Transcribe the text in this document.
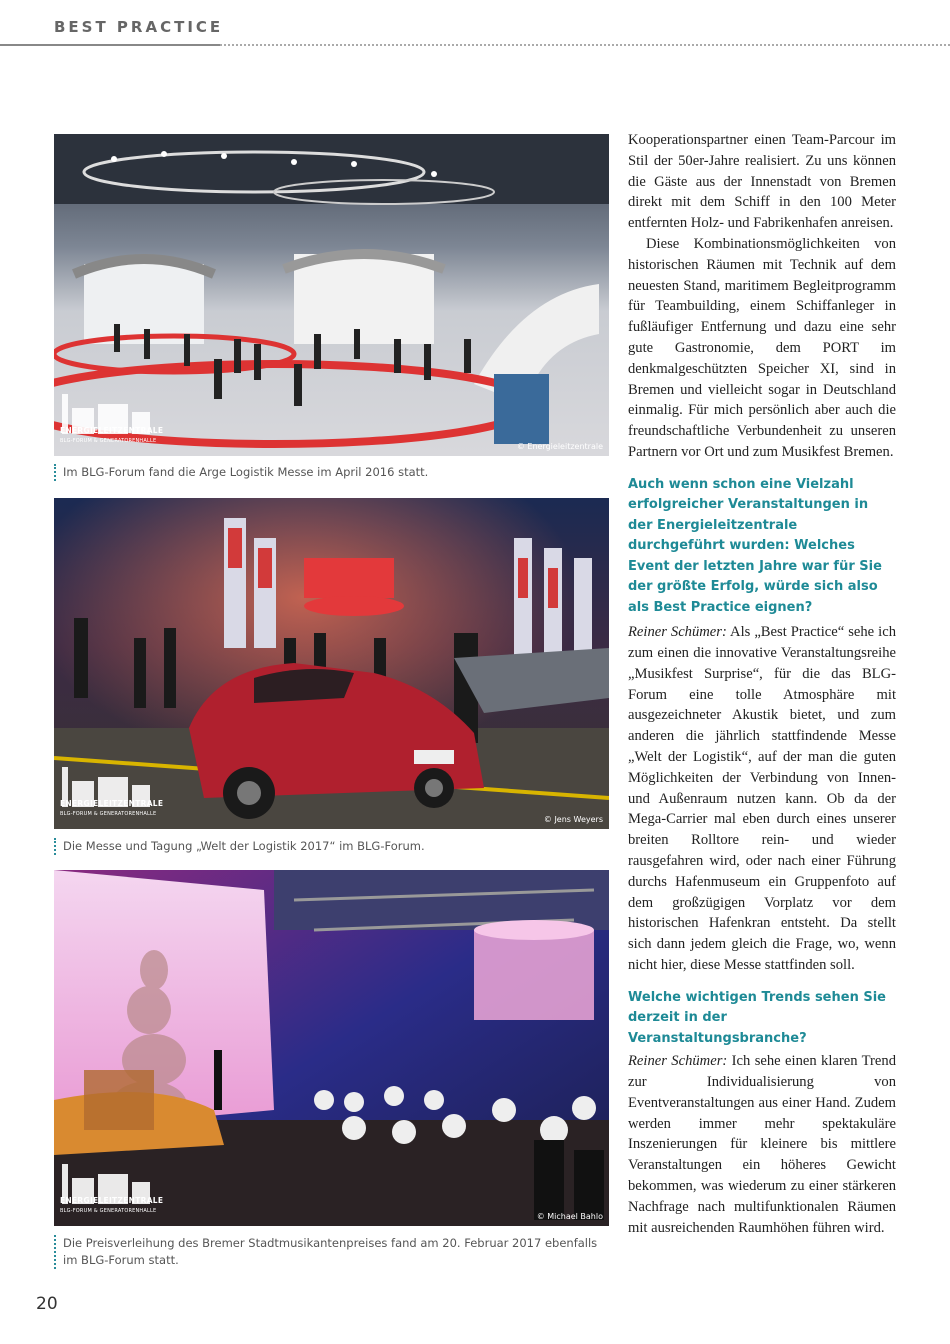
BEST PRACTICE
ENERGIELEITZENTRALE
BLG-FORUM & GENERATORENHALLE
© Energieleitzentrale
Im BLG-Forum fand die Arge Logistik Messe im April 2016 statt.
ENERGIELEITZENTRALE
BLG-FORUM & GENERATORENHALLE
© Jens Weyers
Die Messe und Tagung „Welt der Logistik 2017“ im BLG-Forum.
ENERGIELEITZENTRALE
BLG-FORUM & GENERATORENHALLE
© Michael Bahlo
Die Preisverleihung des Bremer Stadtmusikantenpreises fand am 20. Februar 2017 ebenfalls im BLG-Forum statt.

Kooperationspartner einen Team-Parcour im Stil der 50er-Jahre realisiert. Zu uns können die Gäste aus der Innenstadt von Bremen direkt mit dem Schiff in den 100 Meter entfernten Holz- und Fabrikenhafen anreisen.

Diese Kombinationsmöglichkeiten von historischen Räumen mit Technik auf dem neuesten Stand, maritimem Begleitprogramm für Teambuilding, einem Schiffanleger in fußläufiger Entfernung und dazu eine sehr gute Gastronomie, dem PORT im denkmalgeschützten Speicher XI, sind in Bremen und vielleicht sogar in Deutschland einmalig. Für mich persönlich aber auch die freundschaftliche Verbundenheit zu unseren Partnern vor Ort und zum Musikfest Bremen.

Auch wenn schon eine Vielzahl erfolgreicher Veranstaltungen in der Energieleitzentrale durchgeführt wurden: Welches Event der letzten Jahre war für Sie der größte Erfolg, würde sich also als Best Practice eignen?

Reiner Schümer: Als „Best Practice“ sehe ich zum einen die innovative Veranstaltungsreihe „Musikfest Surprise“, für die das BLG-Forum eine tolle Atmosphäre mit ausgezeichneter Akustik bietet, und zum anderen die jährlich stattfindende Messe „Welt der Logistik“, auf der man die guten Möglichkeiten der Verbindung von Innen- und Außenraum nutzen kann. Ob da der Mega-Carrier mal eben durch eines unserer breiten Rolltore rein- und wieder rausgefahren wird, oder nach einer Führung durchs Hafenmuseum ein Gruppenfoto auf dem großzügigen Vorplatz vor dem historischen Hafenkran entsteht. Da stellt sich dann jedem gleich die Frage, wo, wenn nicht hier, diese Messe stattfinden soll.

Welche wichtigen Trends sehen Sie derzeit in der Veranstaltungsbranche?

Reiner Schümer: Ich sehe einen klaren Trend zur Individualisierung von Eventveranstaltungen aus einer Hand. Zudem werden immer mehr spektakuläre Inszenierungen für kleinere bis mittlere Veranstaltungen ein höheres Gewicht bekommen, was wiederum zu einer stärkeren Nachfrage nach multifunktionalen Räumen mit ausreichenden Raumhöhen führen wird.

20
